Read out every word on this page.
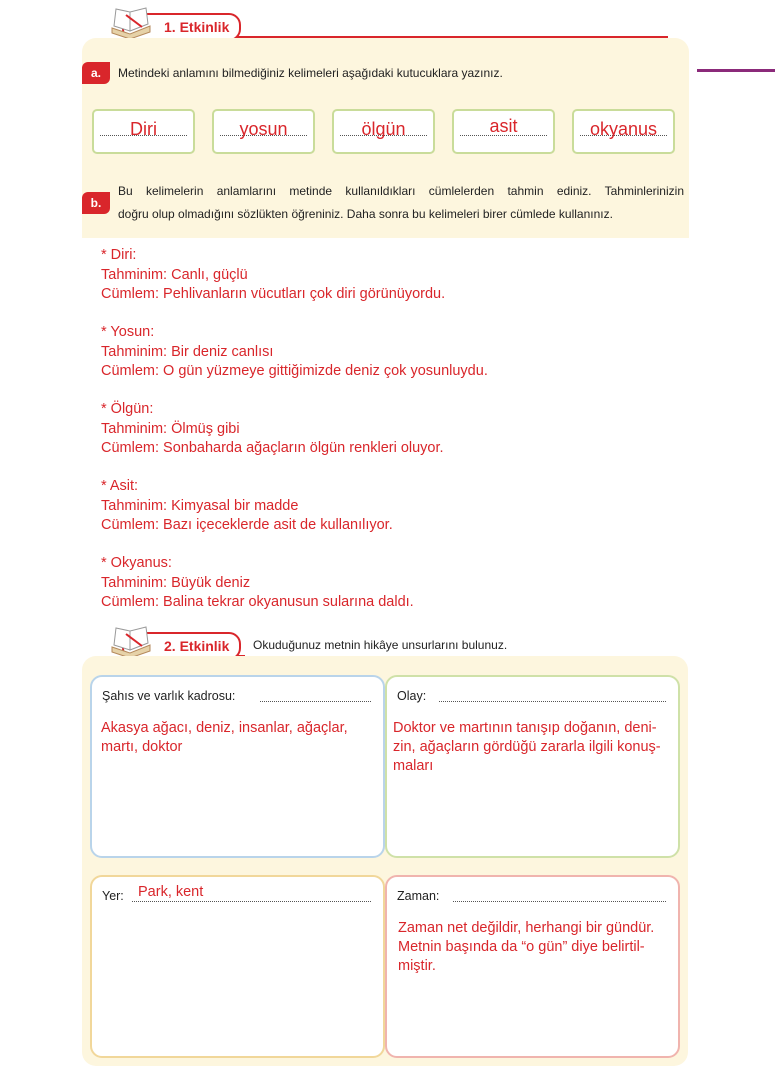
1. Etkinlik
a.	Metindeki anlamını bilmediğiniz kelimeleri aşağıdaki kutucuklara yazınız.
Diri	yosun	ölgün	asit	okyanus
b.
Bu kelimelerin anlamlarını metinde kullanıldıkları cümlelerden tahmin ediniz. Tahminlerinizin
doğru olup olmadığını sözlükten öğreniniz. Daha sonra bu kelimeleri birer cümlede kullanınız.
* Diri:
Tahminim: Canlı, güçlü
Cümlem: Pehlivanların vücutları çok diri görünüyordu.
* Yosun:
Tahminim: Bir deniz canlısı
Cümlem: O gün yüzmeye gittiğimizde deniz çok yosunluydu.
* Ölgün:
Tahminim: Ölmüş gibi
Cümlem: Sonbaharda ağaçların ölgün renkleri oluyor.
* Asit:
Tahminim: Kimyasal bir madde
Cümlem: Bazı içeceklerde asit de kullanılıyor.
* Okyanus:
Tahminim: Büyük deniz
Cümlem: Balina tekrar okyanusun sularına daldı.
2. Etkinlik	Okuduğunuz metnin hikâye unsurlarını bulunuz.
Şahıs ve varlık kadrosu:
Akasya ağacı, deniz, insanlar, ağaçlar,
martı, doktor
Olay:
Doktor ve martının tanışıp doğanın, deni-
zin, ağaçların gördüğü zararla ilgili konuş-
maları
Yer: Park, kent	Zaman:
Zaman net değildir, herhangi bir gündür.
Metnin başında da “o gün” diye belirtil-
miştir.
